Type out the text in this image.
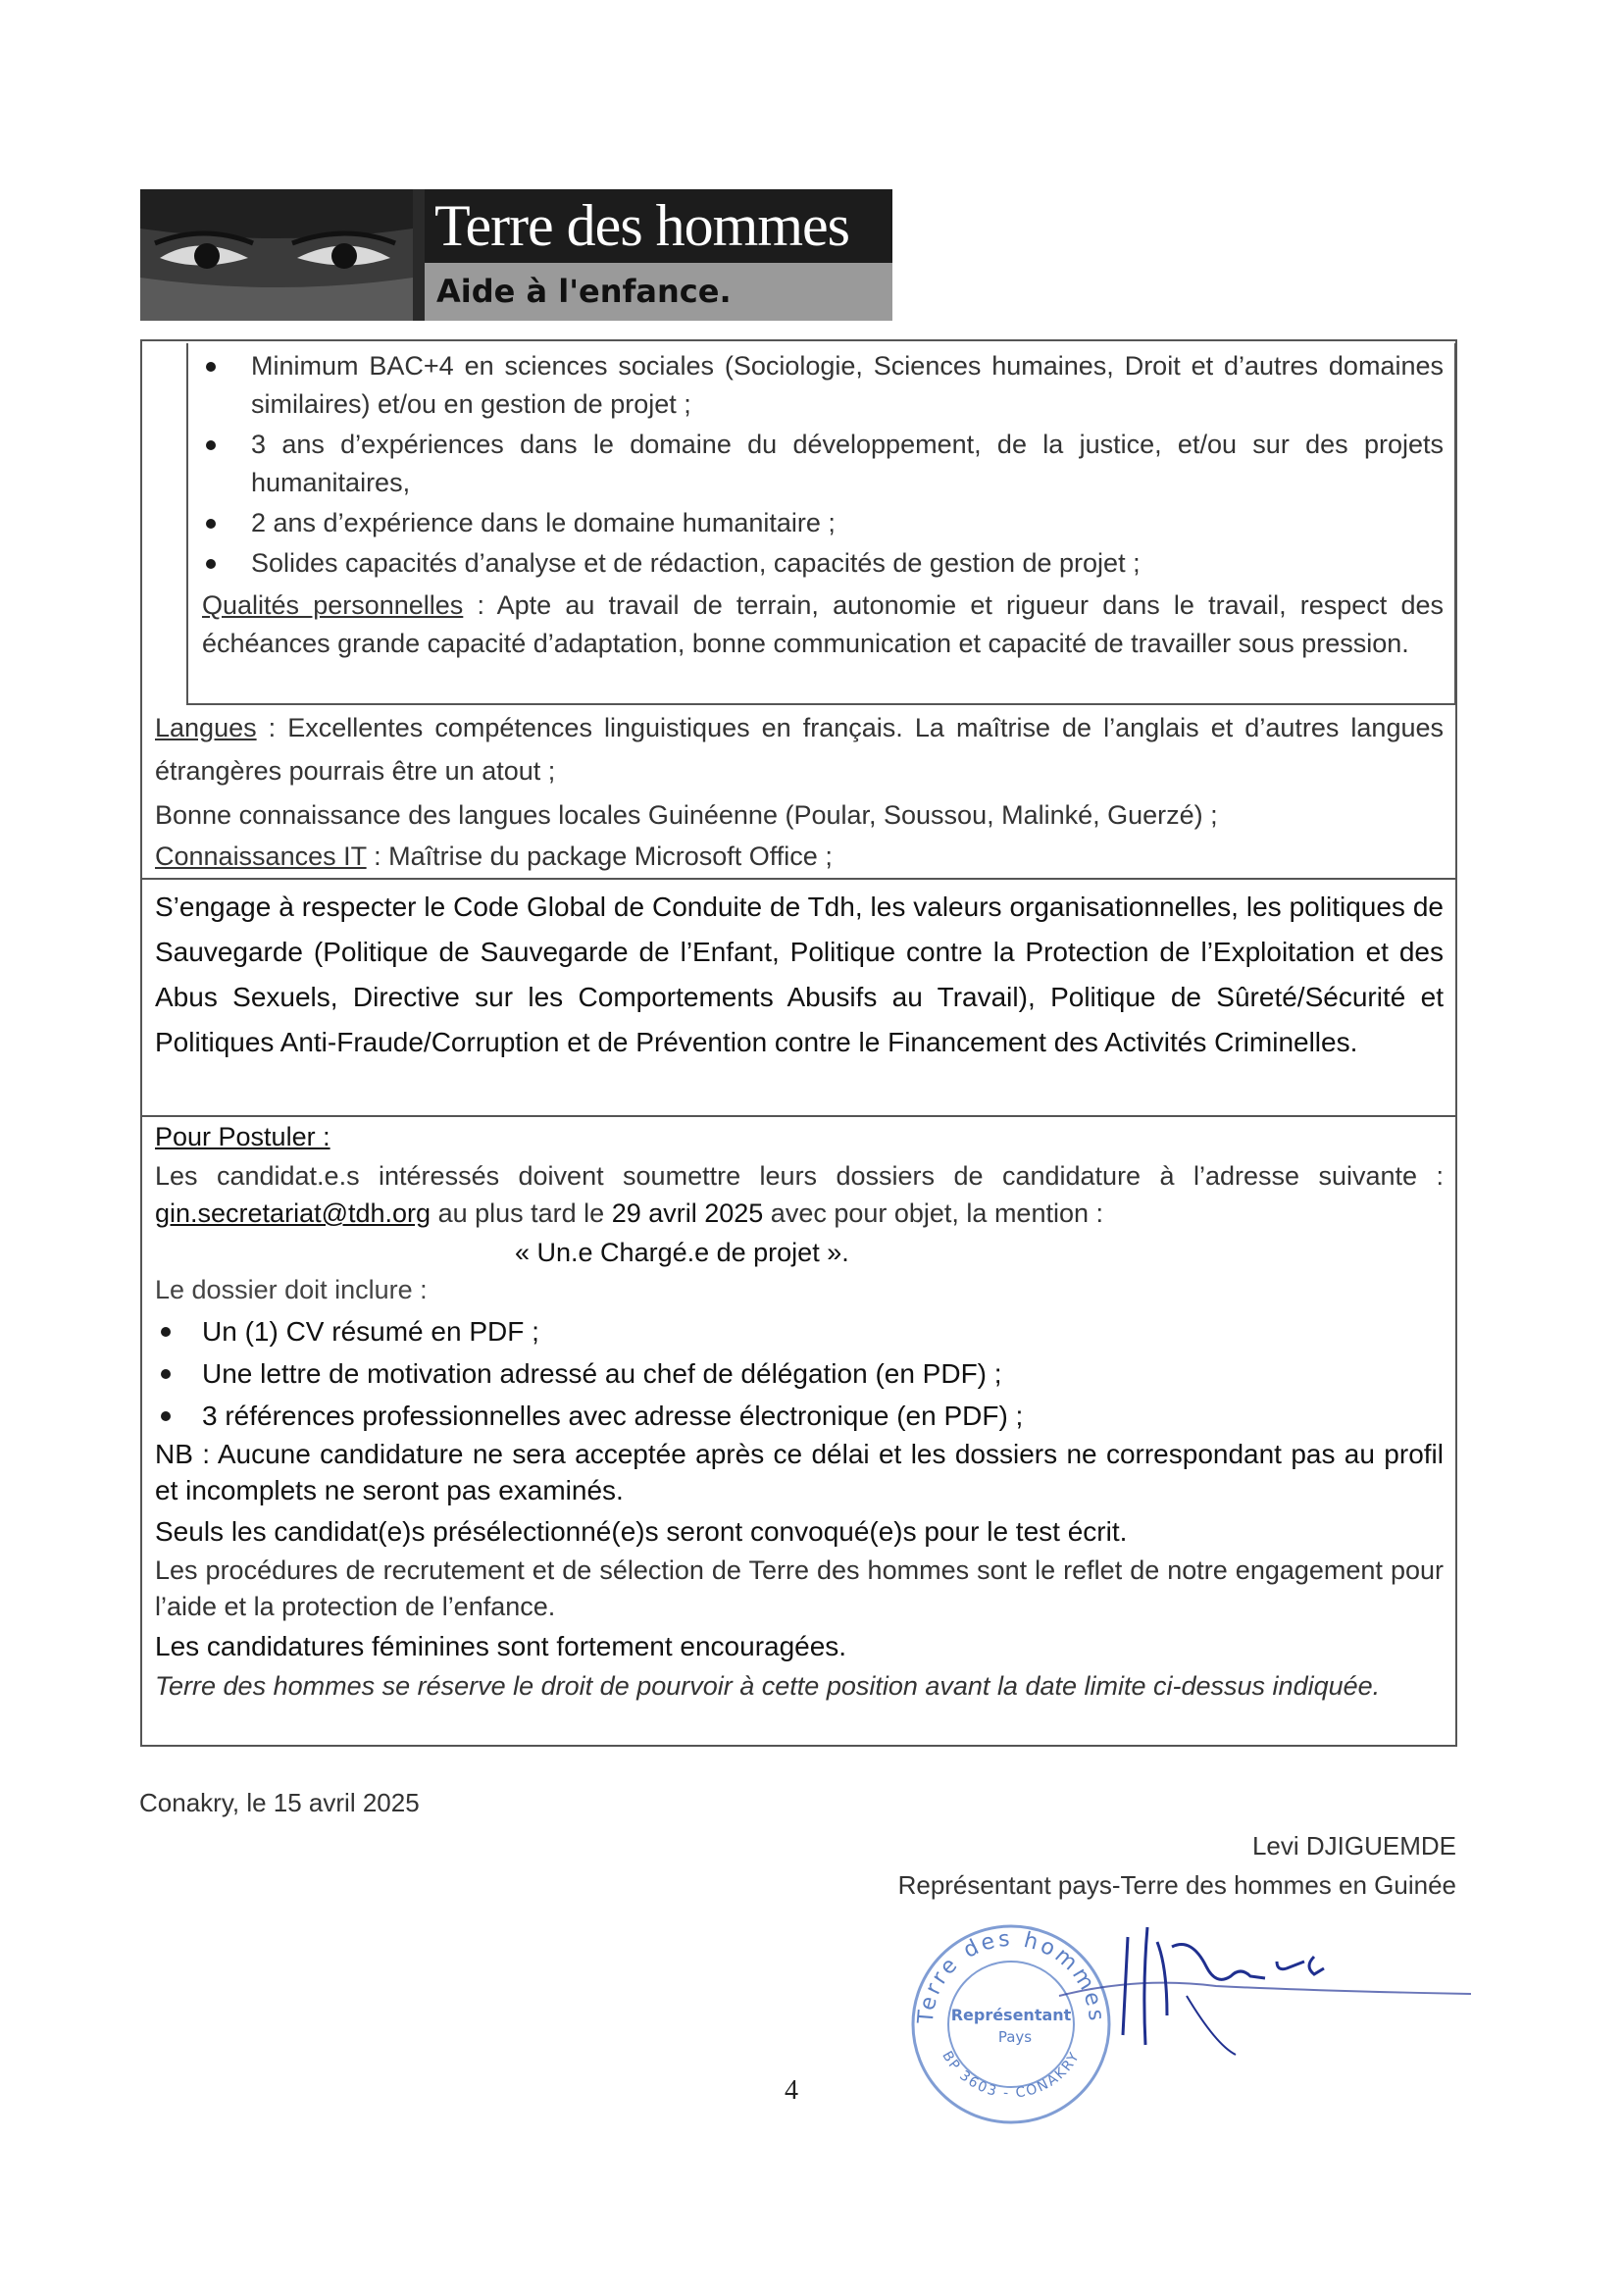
Terre des hommes
Aide à l'enfance.
Minimum BAC+4 en sciences sociales (Sociologie, Sciences humaines, Droit et d’autres domaines similaires) et/ou en gestion de projet ;
3 ans d’expériences dans le domaine du développement, de la justice, et/ou sur des projets humanitaires,
2 ans d’expérience dans le domaine humanitaire ;
Solides capacités d’analyse et de rédaction, capacités de gestion de projet ;
Qualités personnelles : Apte au travail de terrain, autonomie et rigueur dans le travail, respect des échéances grande capacité d’adaptation, bonne communication et capacité de travailler sous pression.
Langues : Excellentes compétences linguistiques en français. La maîtrise de l’anglais et d’autres langues étrangères pourrais être un atout ;
Bonne connaissance des langues locales Guinéenne (Poular, Soussou, Malinké, Guerzé) ;
Connaissances IT : Maîtrise du package Microsoft Office ;
S’engage à respecter le Code Global de Conduite de Tdh, les valeurs organisationnelles, les politiques de Sauvegarde (Politique de Sauvegarde de l’Enfant, Politique contre la Protection de l’Exploitation et des Abus Sexuels, Directive sur les Comportements Abusifs au Travail), Politique de Sûreté/Sécurité et Politiques Anti-Fraude/Corruption et de Prévention contre le Financement des Activités Criminelles.
Pour Postuler :
Les candidat.e.s intéressés doivent soumettre leurs dossiers de candidature à l’adresse suivante : gin.secretariat@tdh.org au plus tard le 29 avril 2025 avec pour objet, la mention :
« Un.e Chargé.e de projet ».
Le dossier doit inclure :
Un (1) CV résumé en PDF ;
Une lettre de motivation adressé au chef de délégation (en PDF) ;
3 références professionnelles avec adresse électronique (en PDF) ;
NB : Aucune candidature ne sera acceptée après ce délai et les dossiers ne correspondant pas au profil et incomplets ne seront pas examinés.
Seuls les candidat(e)s présélectionné(e)s seront convoqué(e)s pour le test écrit.
Les procédures de recrutement et de sélection de Terre des hommes sont le reflet de notre engagement pour l’aide et la protection de l’enfance.
Les candidatures féminines sont fortement encouragées.
Terre des hommes se réserve le droit de pourvoir à cette position avant la date limite ci-dessus indiquée.
Conakry, le 15 avril 2025
Levi DJIGUEMDE
Représentant pays-Terre des hommes en Guinée
4
Terre des hommes
BP 3603 - CONAKRY
Représentant
Pays
